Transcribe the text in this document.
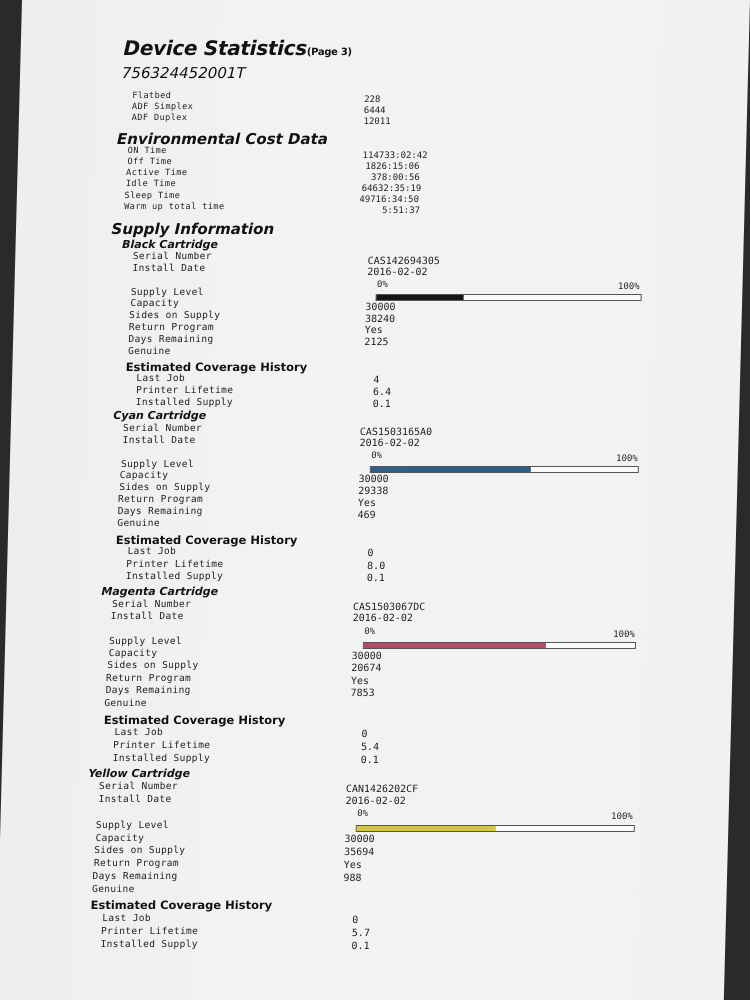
Device Statistics(Page 3)
756324452001T
Flatbed	228
ADF Simplex	6444
ADF Duplex	12011
Environmental Cost Data
ON Time	114733:02:42
Off Time	1826:15:06
Active Time	378:00:56
Idle Time	64632:35:19
Sleep Time	49716:34:50
Warm up total time	5:51:37
Supply Information
Black Cartridge
Serial Number	CAS142694305
Install Date	2016-02-02
0%	100%
Supply Level
Capacity	30000
Sides on Supply	38240
Return Program	Yes
Days Remaining	2125
Genuine
Estimated Coverage History
Last Job	4
Printer Lifetime	6.4
Installed Supply	0.1
Cyan Cartridge
Serial Number	CAS1503165A0
Install Date	2016-02-02
0%	100%
Supply Level
Capacity	30000
Sides on Supply	29338
Return Program	Yes
Days Remaining	469
Genuine
Estimated Coverage History
Last Job	0
Printer Lifetime	8.0
Installed Supply	0.1
Magenta Cartridge
Serial Number	CAS1503067DC
Install Date	2016-02-02
0%	100%
Supply Level
Capacity	30000
Sides on Supply	20674
Return Program	Yes
Days Remaining	7853
Genuine
Estimated Coverage History
Last Job	0
Printer Lifetime	5.4
Installed Supply	0.1
Yellow Cartridge
Serial Number	CAN1426202CF
Install Date	2016-02-02
0%	100%
Supply Level
Capacity	30000
Sides on Supply	35694
Return Program	Yes
Days Remaining	988
Genuine
Estimated Coverage History
Last Job	0
Printer Lifetime	5.7
Installed Supply	0.1
